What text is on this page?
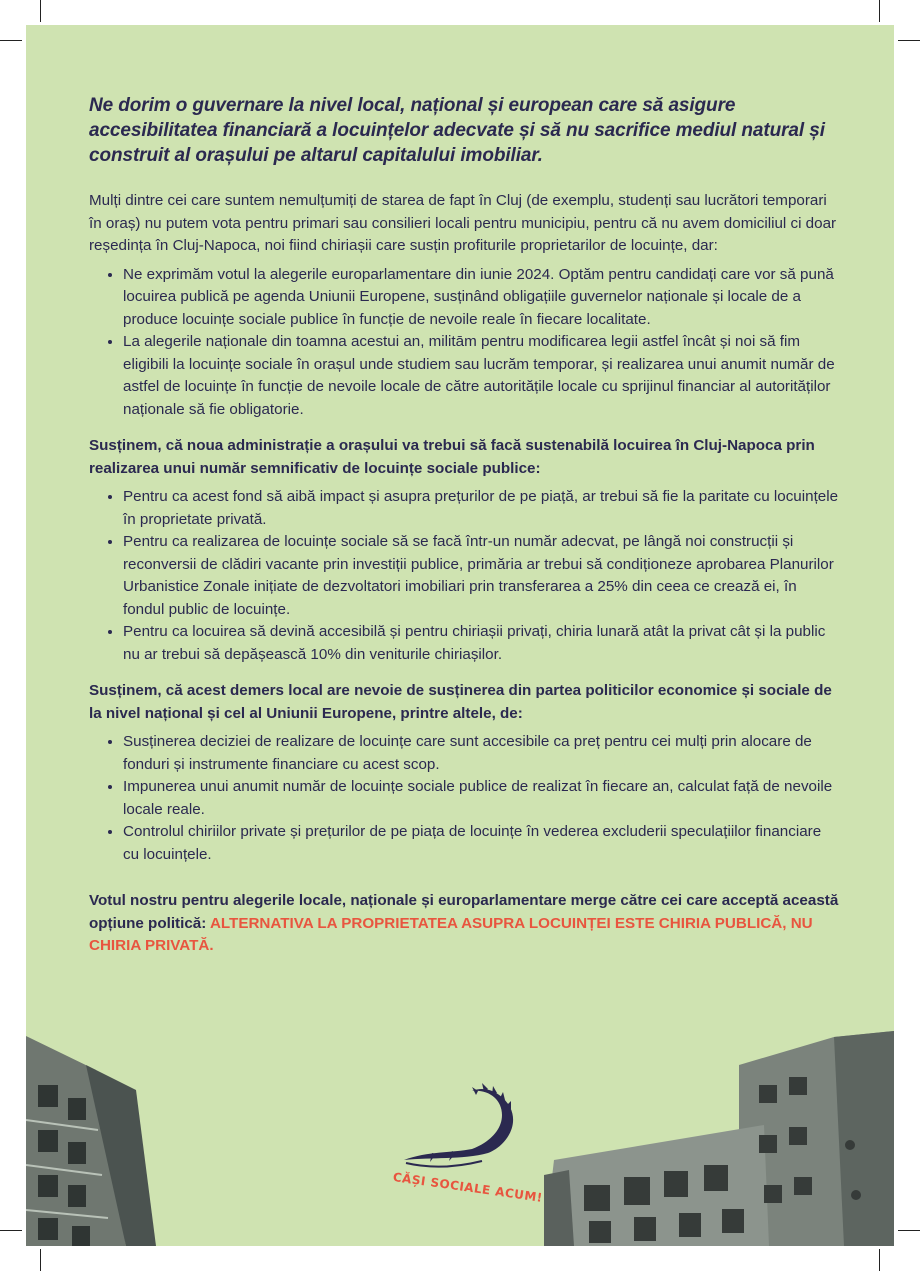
Ne dorim o guvernare la nivel local, național și european care să asigure accesibilitatea financiară a locuințelor adecvate și să nu sacrifice mediul natural și construit al orașului pe altarul capitalului imobiliar.

Mulți dintre cei care suntem nemulțumiți de starea de fapt în Cluj (de exemplu, studenți sau lucrători temporari în oraș) nu putem vota pentru primari sau consilieri locali pentru municipiu, pentru că nu avem domiciliul ci doar reședința în Cluj-Napoca, noi fiind chiriașii care susțin profiturile proprietarilor de locuințe, dar:

• Ne exprimăm votul la alegerile europarlamentare din iunie 2024. Optăm pentru candidați care vor să pună locuirea publică pe agenda Uniunii Europene, susținând obligațiile guvernelor naționale și locale de a produce locuințe sociale publice în funcție de nevoile reale în fiecare localitate.
• La alegerile naționale din toamna acestui an, militām pentru modificarea legii astfel încât și noi să fim eligibili la locuințe sociale în orașul unde studiem sau lucrăm temporar, și realizarea unui anumit număr de astfel de locuințe în funcție de nevoile locale de către autoritățile locale cu sprijinul financiar al autorităților naționale să fie obligatorie.

Susținem, că noua administrație a orașului va trebui să facă sustenabilă locuirea în Cluj-Napoca prin realizarea unui număr semnificativ de locuințe sociale publice:

• Pentru ca acest fond să aibă impact și asupra prețurilor de pe piață, ar trebui să fie la paritate cu locuințele în proprietate privată.
• Pentru ca realizarea de locuințe sociale să se facă într-un număr adecvat, pe lângă noi construcții și reconversii de clădiri vacante prin investiții publice, primăria ar trebui să condiționeze aprobarea Planurilor Urbanistice Zonale inițiate de dezvoltatori imobiliari prin transferarea a 25% din ceea ce crează ei, în fondul public de locuințe.
• Pentru ca locuirea să devină accesibilă și pentru chiriașii privați, chiria lunară atât la privat cât și la public nu ar trebui să depășească 10% din veniturile chiriașilor.

Susținem, că acest demers local are nevoie de susținerea din partea politicilor economice și sociale de la nivel național și cel al Uniunii Europene, printre altele, de:

• Susținerea deciziei de realizare de locuințe care sunt accesibile ca preț pentru cei mulți prin alocare de fonduri și instrumente financiare cu acest scop.
• Impunerea unui anumit număr de locuințe sociale publice de realizat în fiecare an, calculat față de nevoile locale reale.
• Controlul chiriilor private și prețurilor de pe piața de locuințe în vederea excluderii speculațiilor financiare cu locuințele.

Votul nostru pentru alegerile locale, naționale și europarlamentare merge către cei care acceptă această opțiune politică: ALTERNATIVA LA PROPRIETATEA ASUPRA LOCUINȚEI ESTE CHIRIA PUBLICĂ, NU CHIRIA PRIVATĂ.

CĂȘI SOCIALE ACUM!
